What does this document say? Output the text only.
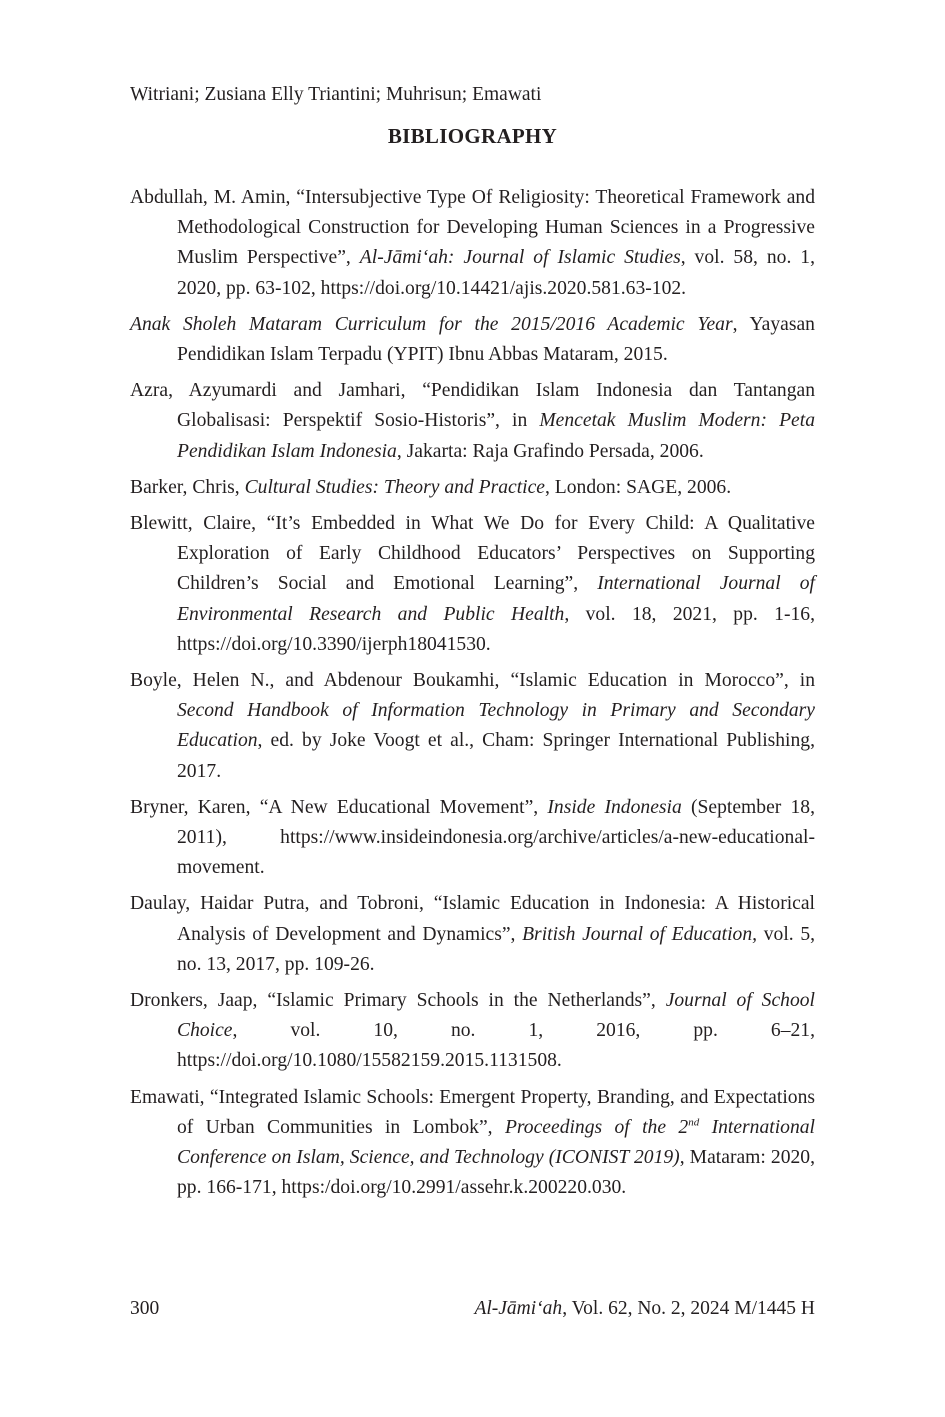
Witriani; Zusiana Elly Triantini; Muhrisun; Emawati
BIBLIOGRAPHY

Abdullah, M. Amin, “Intersubjective Type Of Religiosity: Theoretical Framework and Methodological Construction for Developing Human Sciences in a Progressive Muslim Perspective”, Al-Jāmi‘ah: Journal of Islamic Studies, vol. 58, no. 1, 2020, pp. 63-102, https://doi.org/10.14421/ajis.2020.581.63-102.

Anak Sholeh Mataram Curriculum for the 2015/2016 Academic Year, Yayasan Pendidikan Islam Terpadu (YPIT) Ibnu Abbas Mataram, 2015.

Azra, Azyumardi and Jamhari, “Pendidikan Islam Indonesia dan Tantangan Globalisasi: Perspektif Sosio-Historis”, in Mencetak Muslim Modern: Peta Pendidikan Islam Indonesia, Jakarta: Raja Grafindo Persada, 2006.

Barker, Chris, Cultural Studies: Theory and Practice, London: SAGE, 2006.

Blewitt, Claire, “It’s Embedded in What We Do for Every Child: A Qualitative Exploration of Early Childhood Educators’ Perspectives on Supporting Children’s Social and Emotional Learning”, International Journal of Environmental Research and Public Health, vol. 18, 2021, pp. 1-16, https://doi.org/10.3390/ijerph18041530.

Boyle, Helen N., and Abdenour Boukamhi, “Islamic Education in Morocco”, in Second Handbook of Information Technology in Primary and Secondary Education, ed. by Joke Voogt et al., Cham: Springer International Publishing, 2017.

Bryner, Karen, “A New Educational Movement”, Inside Indonesia (September 18, 2011), https://www.insideindonesia.org/archive/articles/a-new-educational-movement.

Daulay, Haidar Putra, and Tobroni, “Islamic Education in Indonesia: A Historical Analysis of Development and Dynamics”, British Journal of Education, vol. 5, no. 13, 2017, pp. 109-26.

Dronkers, Jaap, “Islamic Primary Schools in the Netherlands”, Journal of School Choice, vol. 10, no. 1, 2016, pp. 6–21, https://doi.org/10.1080/15582159.2015.1131508.

Emawati, “Integrated Islamic Schools: Emergent Property, Branding, and Expectations of Urban Communities in Lombok”, Proceedings of the 2nd International Conference on Islam, Science, and Technology (ICONIST 2019), Mataram: 2020, pp. 166-171, https:/doi.org/10.2991/assehr.k.200220.030.

300	Al-Jāmi‘ah, Vol. 62, No. 2, 2024 M/1445 H
